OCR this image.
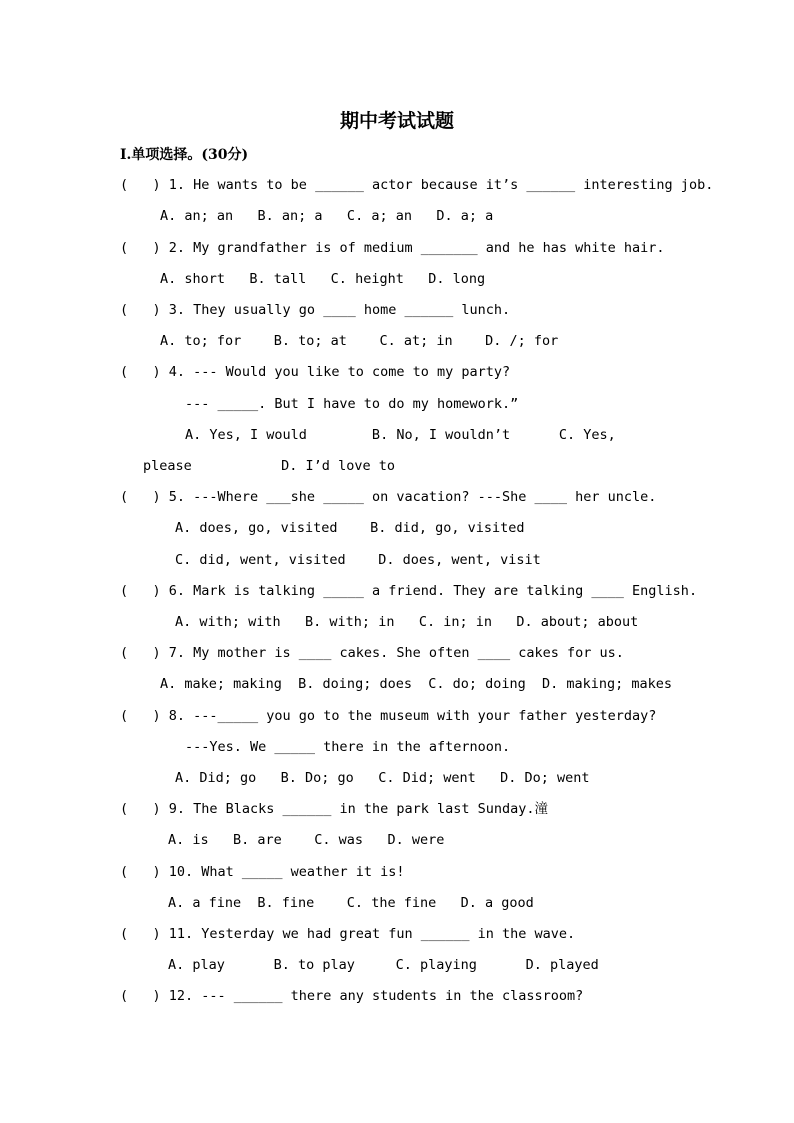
期中考试试题
I.单项选择。(30分)
(   ) 1. He wants to be ______ actor because it’s ______ interesting job.
A. an; an   B. an; a   C. a; an   D. a; a
(   ) 2. My grandfather is of medium _______ and he has white hair.
A. short   B. tall   C. height   D. long
(   ) 3. They usually go ____ home ______ lunch.
A. to; for    B. to; at    C. at; in    D. /; for
(   ) 4. --- Would you like to come to my party?
--- _____. But I have to do my homework.”
A. Yes, I would        B. No, I wouldn’t      C. Yes,
please           D. I’d love to
(   ) 5. ---Where ___she _____ on vacation? ---She ____ her uncle.
A. does, go, visited    B. did, go, visited
C. did, went, visited    D. does, went, visit
(   ) 6. Mark is talking _____ a friend. They are talking ____ English.
A. with; with   B. with; in   C. in; in   D. about; about
(   ) 7. My mother is ____ cakes. She often ____ cakes for us.
A. make; making  B. doing; does  C. do; doing  D. making; makes
(   ) 8. ---_____ you go to the museum with your father yesterday?
---Yes. We _____ there in the afternoon.
A. Did; go   B. Do; go   C. Did; went   D. Do; went
(   ) 9. The Blacks ______ in the park last Sunday.潼
A. is   B. are    C. was   D. were
(   ) 10. What _____ weather it is!
A. a fine  B. fine    C. the fine   D. a good
(   ) 11. Yesterday we had great fun ______ in the wave.
A. play      B. to play     C. playing      D. played
(   ) 12. --- ______ there any students in the classroom?
